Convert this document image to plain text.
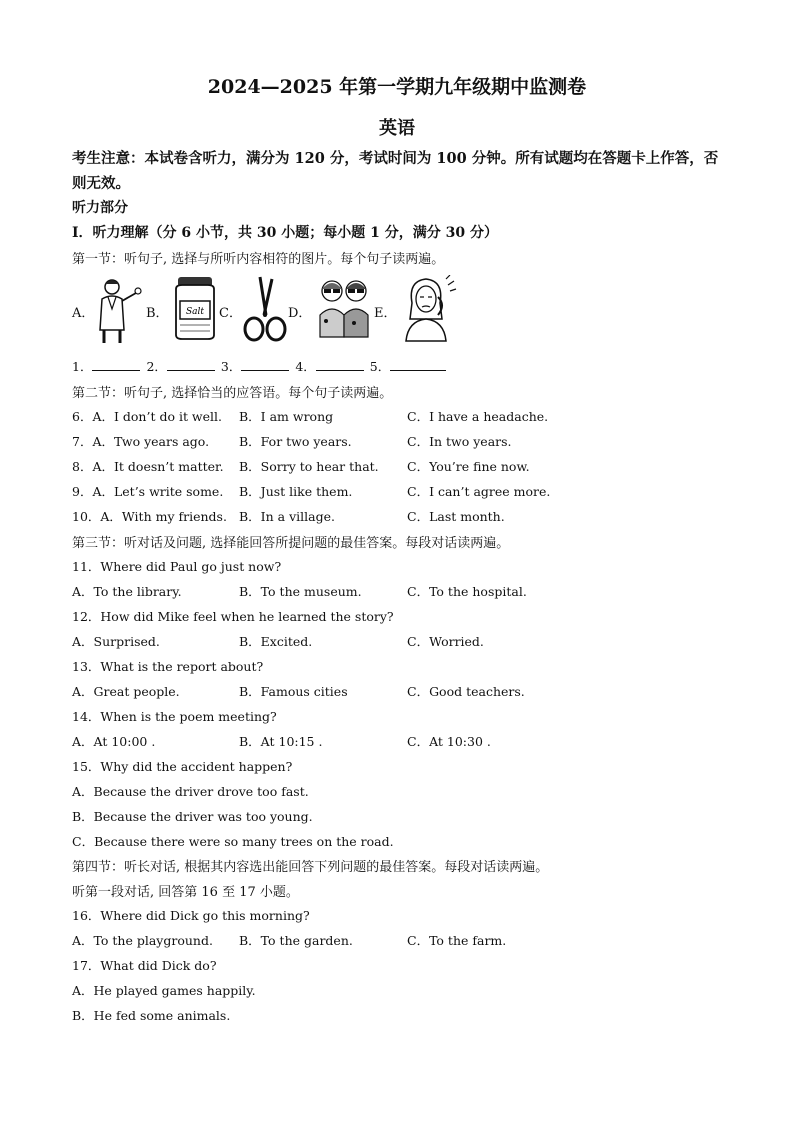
2024—2025 年第一学期九年级期中监测卷
英语
考生注意：本试卷含听力，满分为 120 分，考试时间为 100 分钟。所有试题均在答题卡上作答，否则无效。
听力部分
Ⅰ．听力理解（分 6 小节，共 30 小题；每小题 1 分，满分 30 分）
第一节：听句子, 选择与所听内容相符的图片。每个句子读两遍。
A．	B． Salt C．	D．	E．
1．	2．	3．	4．	5．
第二节：听句子, 选择恰当的应答语。每个句子读两遍。
6．A．I don’t do it well. B．I am wrong	C．I have a headache.
7．A．Two years ago. B．For two years.	C．In two years.
8．A．It doesn’t matter. B．Sorry to hear that. C．You’re fine now.
9．A．Let’s write some. B．Just like them.	C．I can’t agree more.
10．A．With my friends. B．In a village.	C．Last month.
第三节：听对话及问题, 选择能回答所提问题的最佳答案。每段对话读两遍。
11．Where did Paul go just now?
A．To the library.	B．To the museum.	C．To the hospital.
12．How did Mike feel when he learned the story?
A．Surprised.	B．Excited.	C．Worried.
13．What is the report about?
A．Great people.	B．Famous cities	C．Good teachers.
14．When is the poem meeting?
A．At 10:00 .	B．At 10:15 .	C．At 10:30 .
15．Why did the accident happen?
A．Because the driver drove too fast.
B．Because the driver was too young.
C．Because there were so many trees on the road.
第四节：听长对话, 根据其内容选出能回答下列问题的最佳答案。每段对话读两遍。
听第一段对话, 回答第 16 至 17 小题。
16．Where did Dick go this morning?
A．To the playground. B．To the garden.	C．To the farm.
17．What did Dick do?
A．He played games happily.
B．He fed some animals.
